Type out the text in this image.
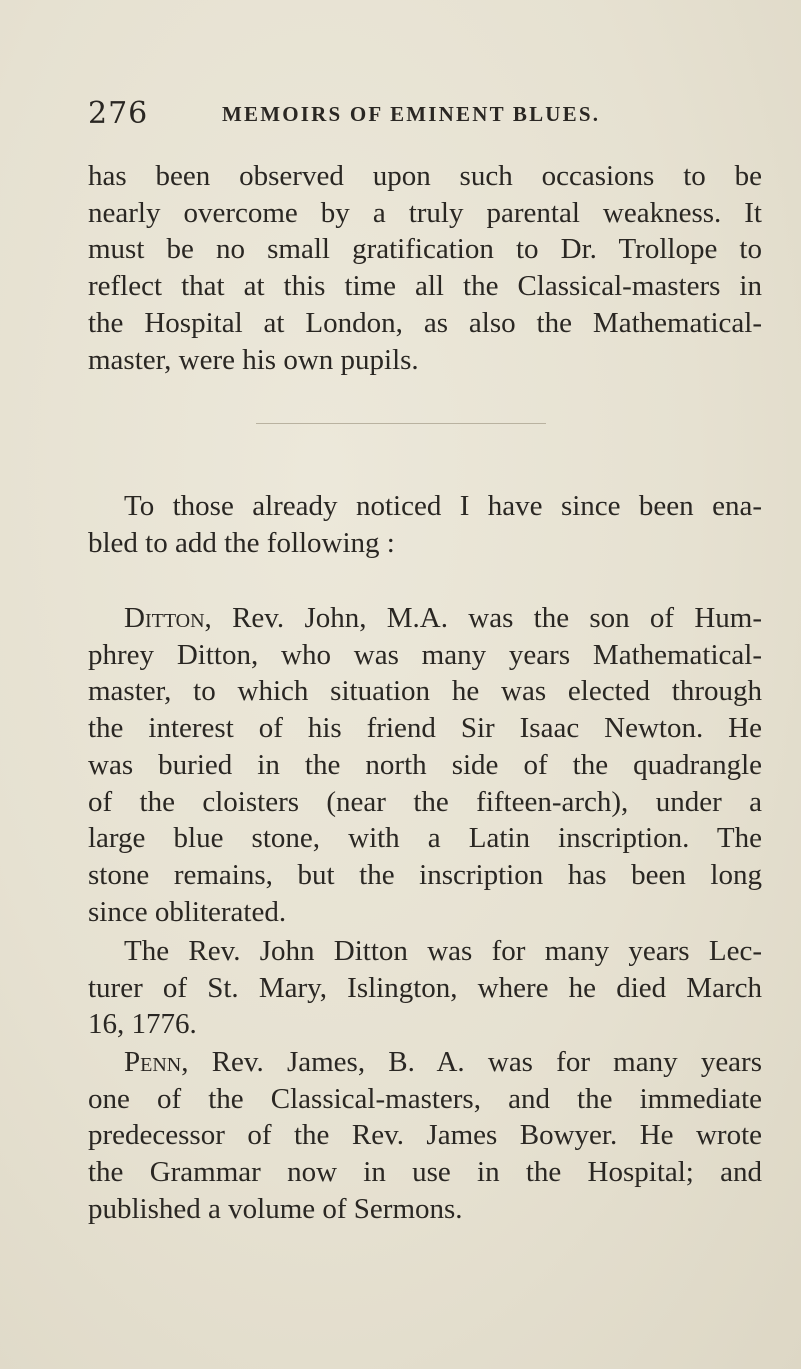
276	MEMOIRS OF EMINENT BLUES.
has been observed upon such occasions to be
nearly overcome by a truly parental weakness. It
must be no small gratification to Dr. Trollope to
reflect that at this time all the Classical-masters in
the Hospital at London, as also the Mathematical-
master, were his own pupils.
To those already noticed I have since been ena-
bled to add the following :
Ditton, Rev. John, M.A. was the son of Hum-
phrey Ditton, who was many years Mathematical-
master, to which situation he was elected through
the interest of his friend Sir Isaac Newton. He
was buried in the north side of the quadrangle
of the cloisters (near the fifteen-arch), under a
large blue stone, with a Latin inscription. The
stone remains, but the inscription has been long
since obliterated.
The Rev. John Ditton was for many years Lec-
turer of St. Mary, Islington, where he died March
16, 1776.
Penn, Rev. James, B. A. was for many years
one of the Classical-masters, and the immediate
predecessor of the Rev. James Bowyer. He wrote
the Grammar now in use in the Hospital; and
published a volume of Sermons.
